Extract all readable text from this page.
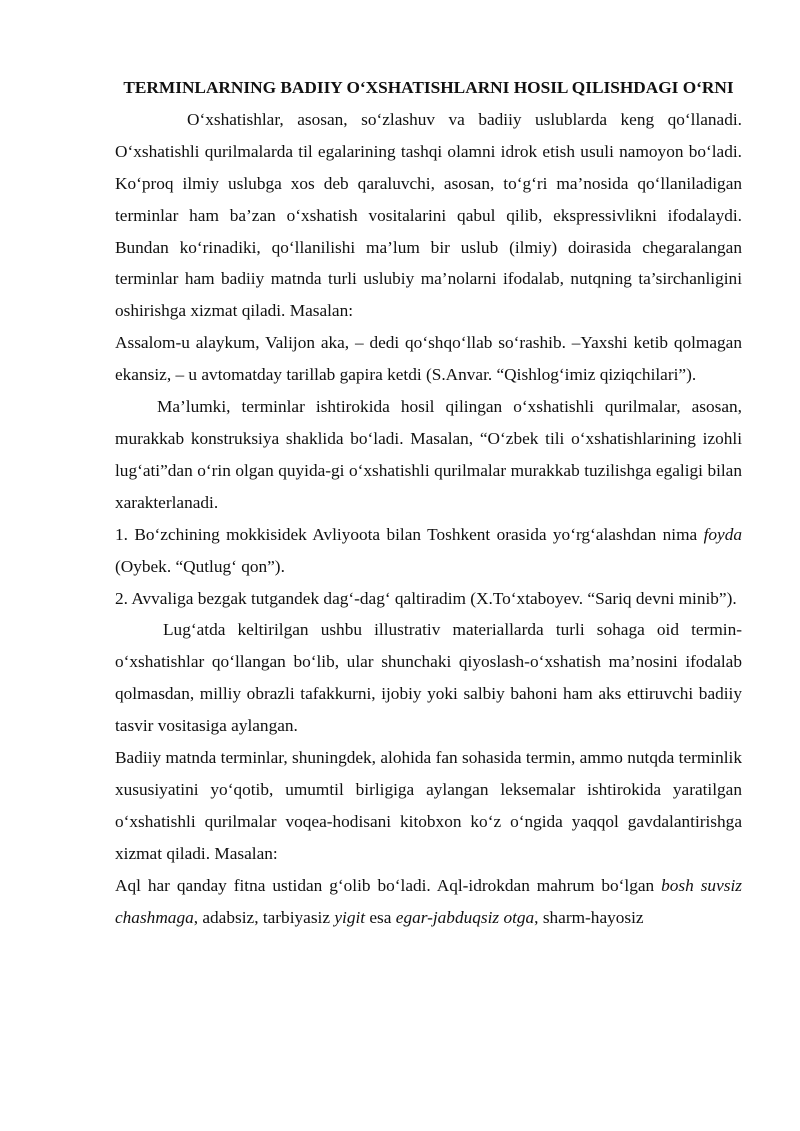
TERMINLARNING BADIIY O‘XSHATISHLARNI HOSIL QILISHDAGI O‘RNI

O‘xshatishlar, asosan, so‘zlashuv va badiiy uslublarda keng qo‘llanadi. O‘xshatishli qurilmalarda til egalarining tashqi olamni idrok etish usuli namoyon bo‘ladi. Ko‘proq ilmiy uslubga xos deb qaraluvchi, asosan, to‘g‘ri ma’nosida qo‘llaniladigan terminlar ham ba’zan o‘xshatish vositalarini qabul qilib, ekspressivlikni ifodalaydi. Bundan ko‘rinadiki, qo‘llanilishi ma’lum bir uslub (ilmiy) doirasida chegaralangan terminlar ham badiiy matnda turli uslubiy ma’nolarni ifodalab, nutqning ta’sirchanligini oshirishga xizmat qiladi. Masalan:

Assalom-u alaykum, Valijon aka, – dedi qo‘shqo‘llab so‘rashib. –Yaxshi ketib qolmagan ekansiz, – u avtomatday tarillab gapira ketdi (S.Anvar. “Qishlog‘imiz qiziqchilari”).

Ma’lumki, terminlar ishtirokida hosil qilingan o‘xshatishli qurilmalar, asosan, murakkab konstruksiya shaklida bo‘ladi. Masalan, “O‘zbek tili o‘xshatishlarining izohli lug‘ati”dan o‘rin olgan quyida-gi o‘xshatishli qurilmalar murakkab tuzilishga egaligi bilan xarakterlanadi.

1. Bo‘zchining mokkisidek Avliyoota bilan Toshkent orasida yo‘rg‘alashdan nima foyda (Oybek. “Qutlug‘ qon”).

2. Avvaliga bezgak tutgandek dag‘-dag‘ qaltiradim (X.To‘xtaboyev. “Sariq devni minib”).

Lug‘atda keltirilgan ushbu illustrativ materiallarda turli sohaga oid termin-o‘xshatishlar qo‘llangan bo‘lib, ular shunchaki qiyoslash-o‘xshatish ma’nosini ifodalab qolmasdan, milliy obrazli tafakkurni, ijobiy yoki salbiy bahoni ham aks ettiruvchi badiiy tasvir vositasiga aylangan.

Badiiy matnda terminlar, shuningdek, alohida fan sohasida termin, ammo nutqda terminlik xususiyatini yo‘qotib, umumtil birligiga aylangan leksemalar ishtirokida yaratilgan o‘xshatishli qurilmalar voqea-hodisani kitobxon ko‘z o‘ngida yaqqol gavdalantirishga xizmat qiladi. Masalan:

Aql har qanday fitna ustidan g‘olib bo‘ladi. Aql-idrokdan mahrum bo‘lgan bosh suvsiz chashmaga, adabsiz, tarbiyasiz yigit esa egar-jabduqsiz otga, sharm-hayosiz
